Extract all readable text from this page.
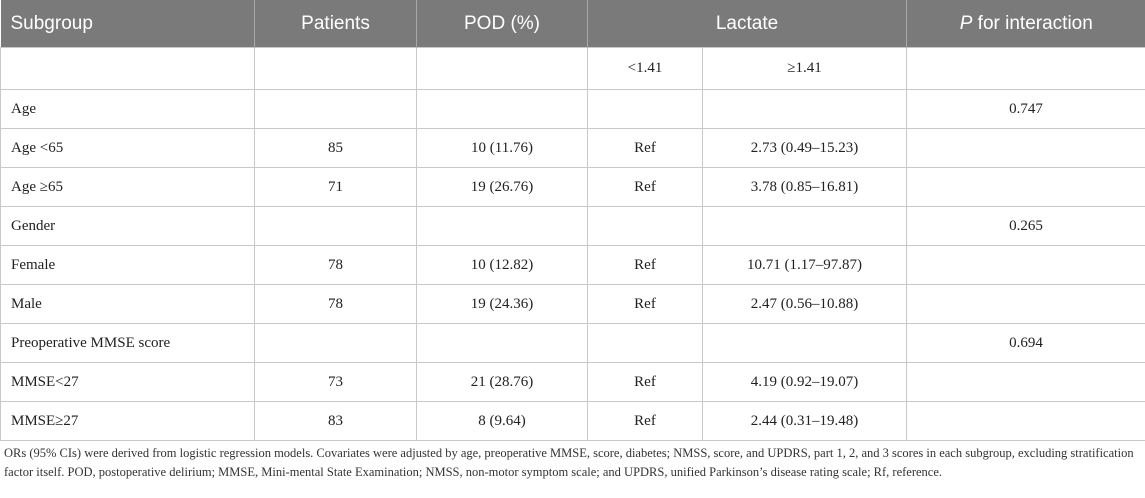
Subgroup	Patients	POD (%)	Lactate		P for interaction
			<1.41	≥1.41	
Age					0.747
Age <65	85	10 (11.76)	Ref	2.73 (0.49–15.23)	
Age ≥65	71	19 (26.76)	Ref	3.78 (0.85–16.81)	
Gender					0.265
Female	78	10 (12.82)	Ref	10.71 (1.17–97.87)	
Male	78	19 (24.36)	Ref	2.47 (0.56–10.88)	
Preoperative MMSE score					0.694
MMSE<27	73	21 (28.76)	Ref	4.19 (0.92–19.07)	
MMSE≥27	83	8 (9.64)	Ref	2.44 (0.31–19.48)	
ORs (95% CIs) were derived from logistic regression models. Covariates were adjusted by age, preoperative MMSE, score, diabetes; NMSS, score, and UPDRS, part 1, 2, and 3 scores in each subgroup, excluding stratification factor itself. POD, postoperative delirium; MMSE, Mini-mental State Examination; NMSS, non-motor symptom scale; and UPDRS, unified Parkinson’s disease rating scale; Rf, reference.
